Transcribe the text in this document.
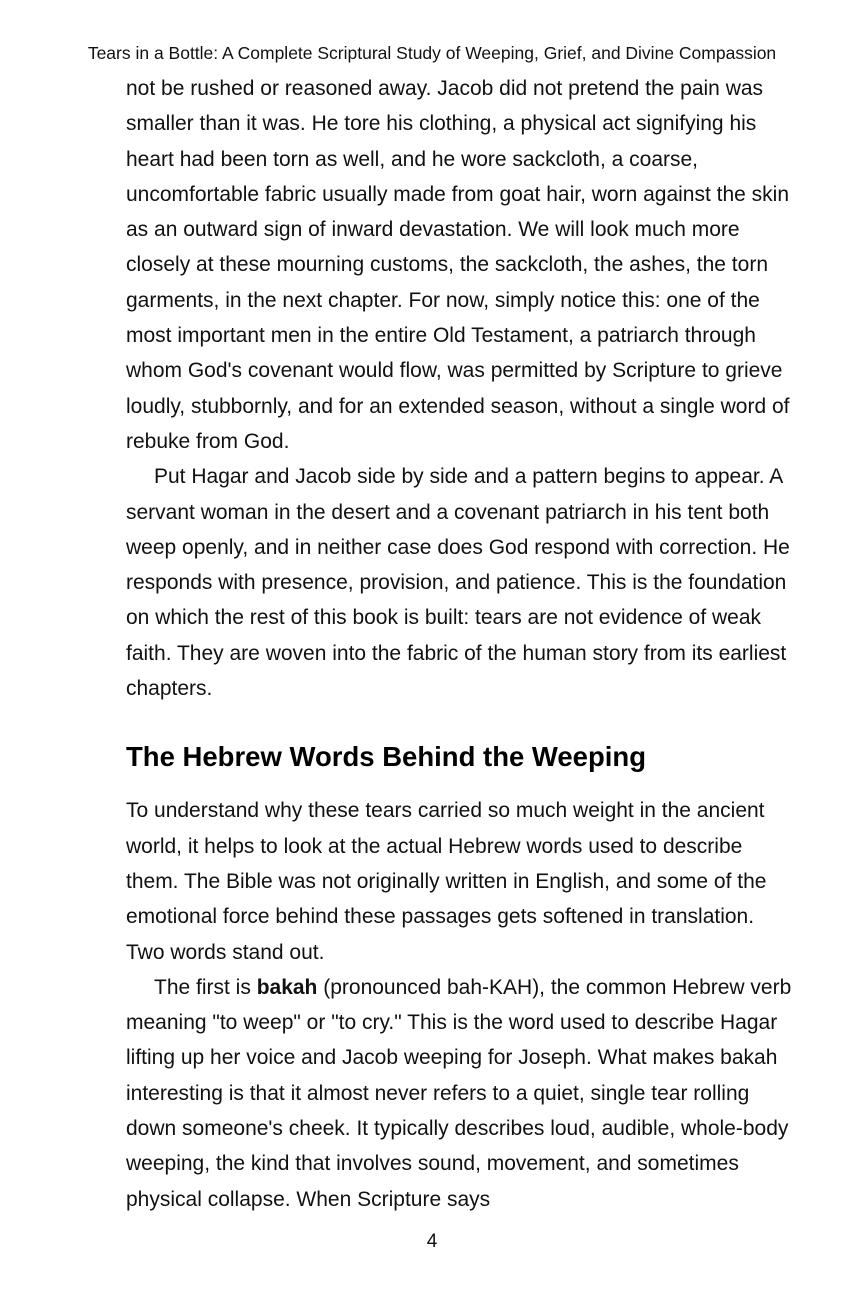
Tears in a Bottle: A Complete Scriptural Study of Weeping, Grief, and Divine Compassion

not be rushed or reasoned away. Jacob did not pretend the pain was smaller than it was. He tore his clothing, a physical act signifying his heart had been torn as well, and he wore sackcloth, a coarse, uncomfortable fabric usually made from goat hair, worn against the skin as an outward sign of inward devastation. We will look much more closely at these mourning customs, the sackcloth, the ashes, the torn garments, in the next chapter. For now, simply notice this: one of the most important men in the entire Old Testament, a patriarch through whom God's covenant would flow, was permitted by Scripture to grieve loudly, stubbornly, and for an extended season, without a single word of rebuke from God.

Put Hagar and Jacob side by side and a pattern begins to appear. A servant woman in the desert and a covenant patriarch in his tent both weep openly, and in neither case does God respond with correction. He responds with presence, provision, and patience. This is the foundation on which the rest of this book is built: tears are not evidence of weak faith. They are woven into the fabric of the human story from its earliest chapters.

The Hebrew Words Behind the Weeping

To understand why these tears carried so much weight in the ancient world, it helps to look at the actual Hebrew words used to describe them. The Bible was not originally written in English, and some of the emotional force behind these passages gets softened in translation. Two words stand out.

The first is bakah (pronounced bah-KAH), the common Hebrew verb meaning "to weep" or "to cry." This is the word used to describe Hagar lifting up her voice and Jacob weeping for Joseph. What makes bakah interesting is that it almost never refers to a quiet, single tear rolling down someone's cheek. It typically describes loud, audible, whole-body weeping, the kind that involves sound, movement, and sometimes physical collapse. When Scripture says

4
